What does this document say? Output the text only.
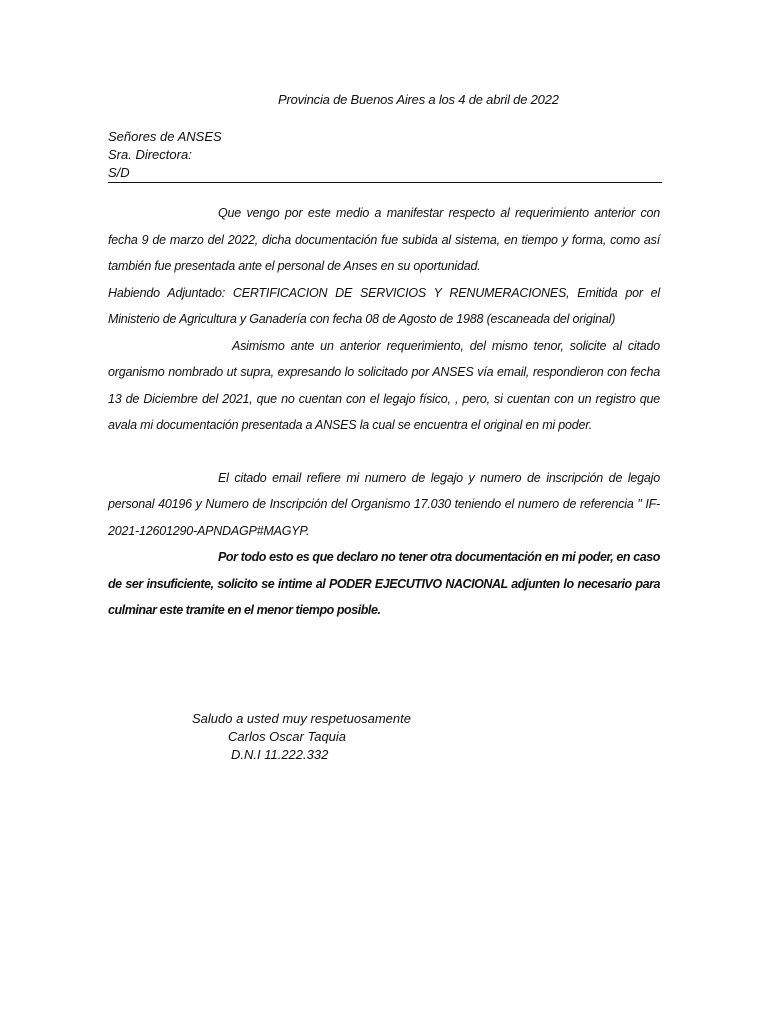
Provincia de Buenos Aires a los 4 de abril de 2022
Señores de ANSES
Sra. Directora:
S/D

Que vengo por este medio a manifestar respecto al requerimiento anterior con fecha 9 de marzo del 2022, dicha documentación fue subida al sistema, en tiempo y forma, como así también fue presentada ante el personal de Anses en su oportunidad.

Habiendo Adjuntado: CERTIFICACION DE SERVICIOS Y RENUMERACIONES, Emitida por el Ministerio de Agricultura y Ganadería con fecha 08 de Agosto de 1988 (escaneada del original)

Asimismo ante un anterior requerimiento, del mismo tenor, solicite al citado organismo nombrado ut supra, expresando lo solicitado por ANSES vía email, respondieron con fecha 13 de Diciembre del 2021, que no cuentan con el legajo físico, , pero, si cuentan con un registro que avala mi documentación presentada a ANSES la cual se encuentra el original en mi poder.

El citado email refiere mi numero de legajo y numero de inscripción de legajo personal 40196 y Numero de Inscripción del Organismo 17.030 teniendo el numero de referencia " IF-2021-12601290-APNDAGP#MAGYP.

Por todo esto es que declaro no tener otra documentación en mi poder, en caso de ser insuficiente, solicito se intime al PODER EJECUTIVO NACIONAL adjunten lo necesario para culminar este tramite en el menor tiempo posible.

Saludo a usted muy respetuosamente
Carlos Oscar Taquia
D.N.I 11.222.332
